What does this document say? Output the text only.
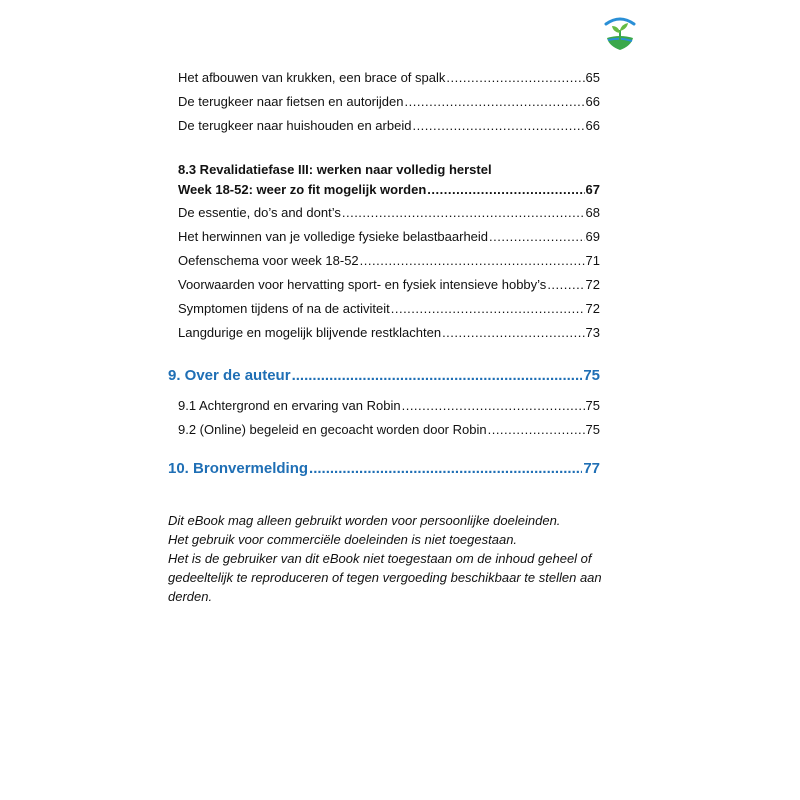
Het afbouwen van krukken, een brace of spalk .....	65
De terugkeer naar fietsen en autorijden .....	66
De terugkeer naar huishouden en arbeid .....	66
8.3 Revalidatiefase III: werken naar volledig herstel
Week 18-52: weer zo fit mogelijk worden .....	67
De essentie, do’s and dont’s .....	68
Het herwinnen van je volledige fysieke belastbaarheid .....	69
Oefenschema voor week 18-52 .....	71
Voorwaarden voor hervatting sport- en fysiek intensieve hobby’s .....	72
Symptomen tijdens of na de activiteit .....	72
Langdurige en mogelijk blijvende restklachten .....	73
9. Over de auteur .....	75
9.1 Achtergrond en ervaring van Robin .....	75
9.2 (Online) begeleid en gecoacht worden door Robin .....	75
10. Bronvermelding .....	77

Dit eBook mag alleen gebruikt worden voor persoonlijke doeleinden.

Het gebruik voor commerciële doeleinden is niet toegestaan.

Het is de gebruiker van dit eBook niet toegestaan om de inhoud geheel of gedeeltelijk te reproduceren of tegen vergoeding beschikbaar te stellen aan derden.
